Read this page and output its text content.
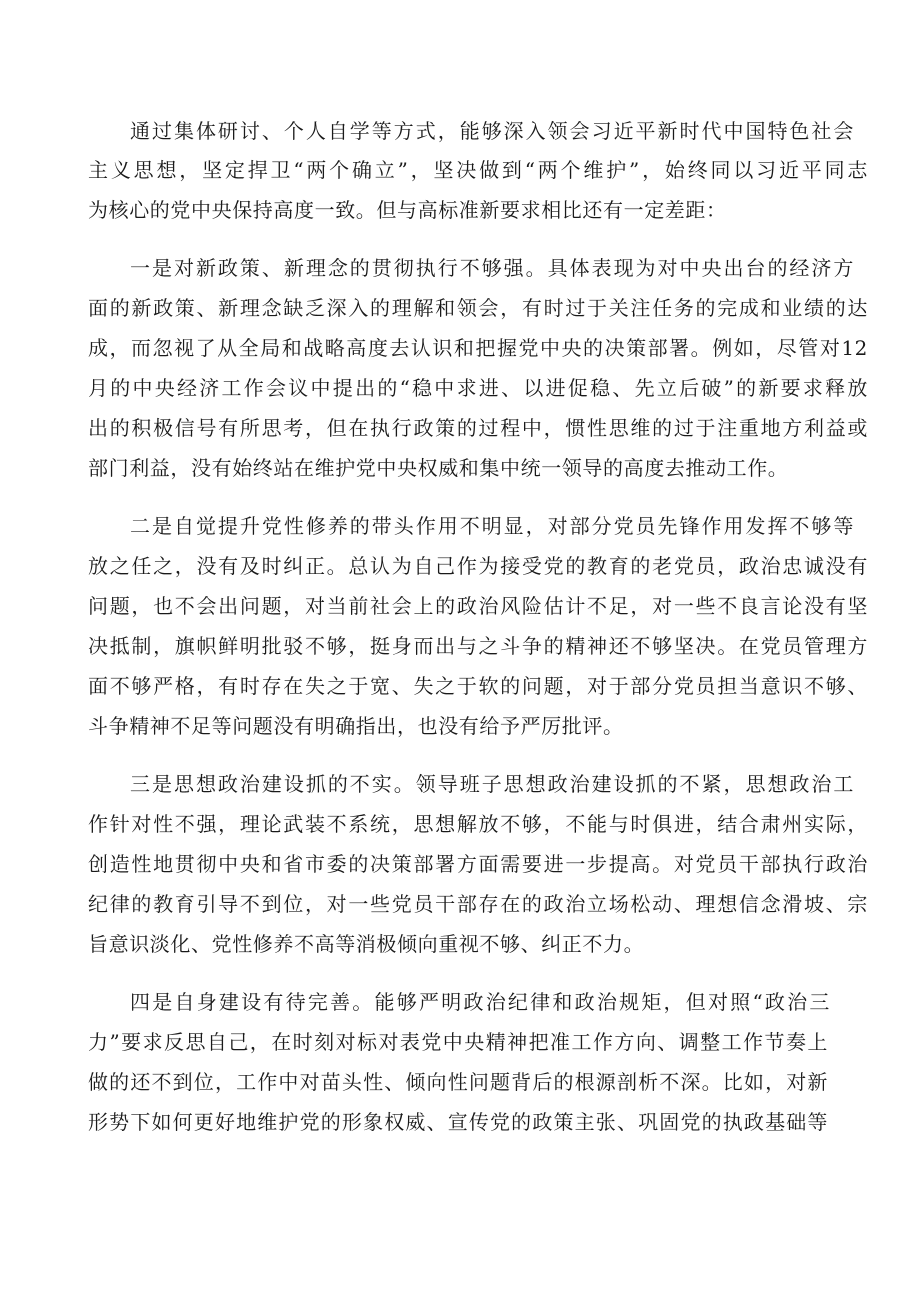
通过集体研讨、个人自学等方式，能够深入领会习近平新时代中国特色社会
主义思想，坚定捍卫“两个确立”，坚决做到“两个维护”，始终同以习近平同志
为核心的党中央保持高度一致。但与高标准新要求相比还有一定差距：
一是对新政策、新理念的贯彻执行不够强。具体表现为对中央出台的经济方
面的新政策、新理念缺乏深入的理解和领会，有时过于关注任务的完成和业绩的达
成，而忽视了从全局和战略高度去认识和把握党中央的决策部署。例如，尽管对12
月的中央经济工作会议中提出的“稳中求进、以进促稳、先立后破”的新要求释放
出的积极信号有所思考，但在执行政策的过程中，惯性思维的过于注重地方利益或
部门利益，没有始终站在维护党中央权威和集中统一领导的高度去推动工作。
二是自觉提升党性修养的带头作用不明显，对部分党员先锋作用发挥不够等
放之任之，没有及时纠正。总认为自己作为接受党的教育的老党员，政治忠诚没有
问题，也不会出问题，对当前社会上的政治风险估计不足，对一些不良言论没有坚
决抵制，旗帜鲜明批驳不够，挺身而出与之斗争的精神还不够坚决。在党员管理方
面不够严格，有时存在失之于宽、失之于软的问题，对于部分党员担当意识不够、
斗争精神不足等问题没有明确指出，也没有给予严厉批评。
三是思想政治建设抓的不实。领导班子思想政治建设抓的不紧，思想政治工
作针对性不强，理论武装不系统，思想解放不够，不能与时俱进，结合肃州实际，
创造性地贯彻中央和省市委的决策部署方面需要进一步提高。对党员干部执行政治
纪律的教育引导不到位，对一些党员干部存在的政治立场松动、理想信念滑坡、宗
旨意识淡化、党性修养不高等消极倾向重视不够、纠正不力。
四是自身建设有待完善。能够严明政治纪律和政治规矩，但对照“政治三
力”要求反思自己，在时刻对标对表党中央精神把准工作方向、调整工作节奏上
做的还不到位，工作中对苗头性、倾向性问题背后的根源剖析不深。比如，对新
形势下如何更好地维护党的形象权威、宣传党的政策主张、巩固党的执政基础等
